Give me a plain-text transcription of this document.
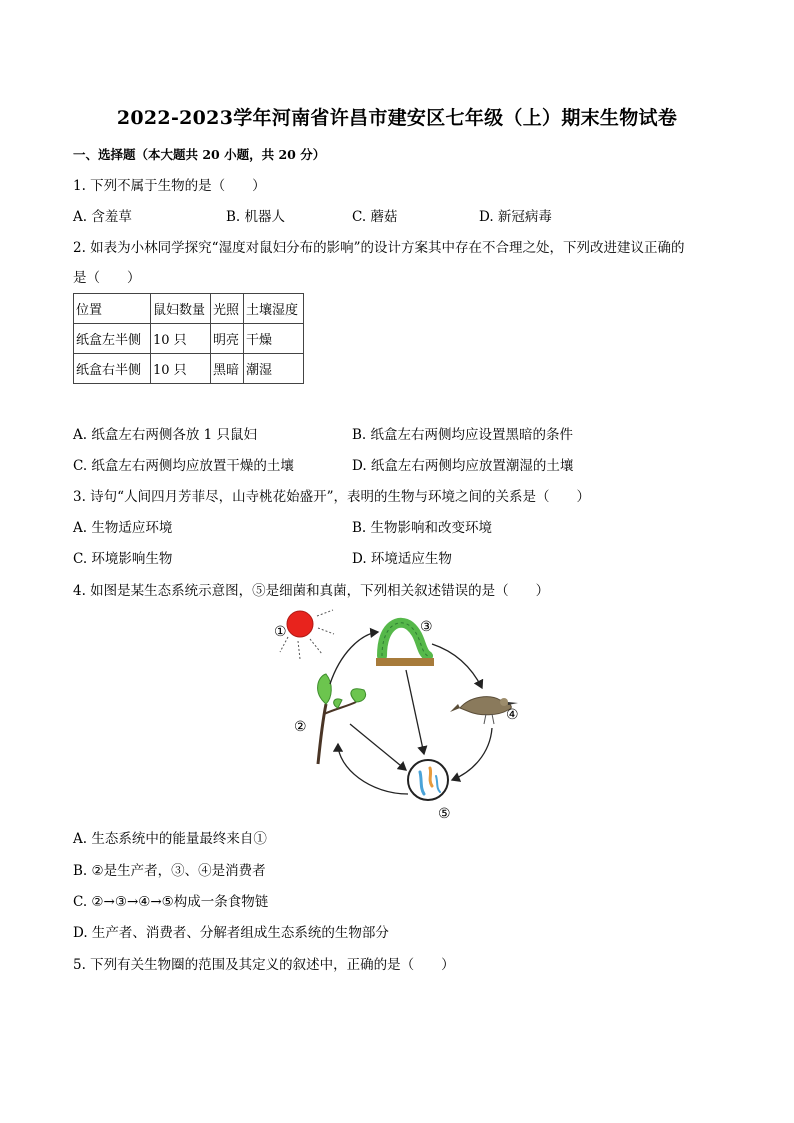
2022-2023学年河南省许昌市建安区七年级（上）期末生物试卷
一、选择题（本大题共 20 小题，共 20 分）
1. 下列不属于生物的是（　　）
A. 含羞草	B. 机器人	C. 蘑菇	D. 新冠病毒
2. 如表为小林同学探究“湿度对鼠妇分布的影响”的设计方案其中存在不合理之处，下列改进建议正确的
是（　　）
位置	鼠妇数量	光照	土壤湿度
纸盒左半侧	10 只	明亮	干燥
纸盒右半侧	10 只	黑暗	潮湿
A. 纸盒左右两侧各放 1 只鼠妇	B. 纸盒左右两侧均应设置黑暗的条件
C. 纸盒左右两侧均应放置干燥的土壤	D. 纸盒左右两侧均应放置潮湿的土壤
3. 诗句“人间四月芳菲尽，山寺桃花始盛开”，表明的生物与环境之间的关系是（　　）
A. 生物适应环境	B. 生物影响和改变环境
C. 环境影响生物	D. 环境适应生物
4. 如图是某生态系统示意图，⑤是细菌和真菌，下列相关叙述错误的是（　　）
①
②
③
④
⑤
A. 生态系统中的能量最终来自①
B. ②是生产者，③、④是消费者
C. ②→③→④→⑤构成一条食物链
D. 生产者、消费者、分解者组成生态系统的生物部分
5. 下列有关生物圈的范围及其定义的叙述中，正确的是（　　）
